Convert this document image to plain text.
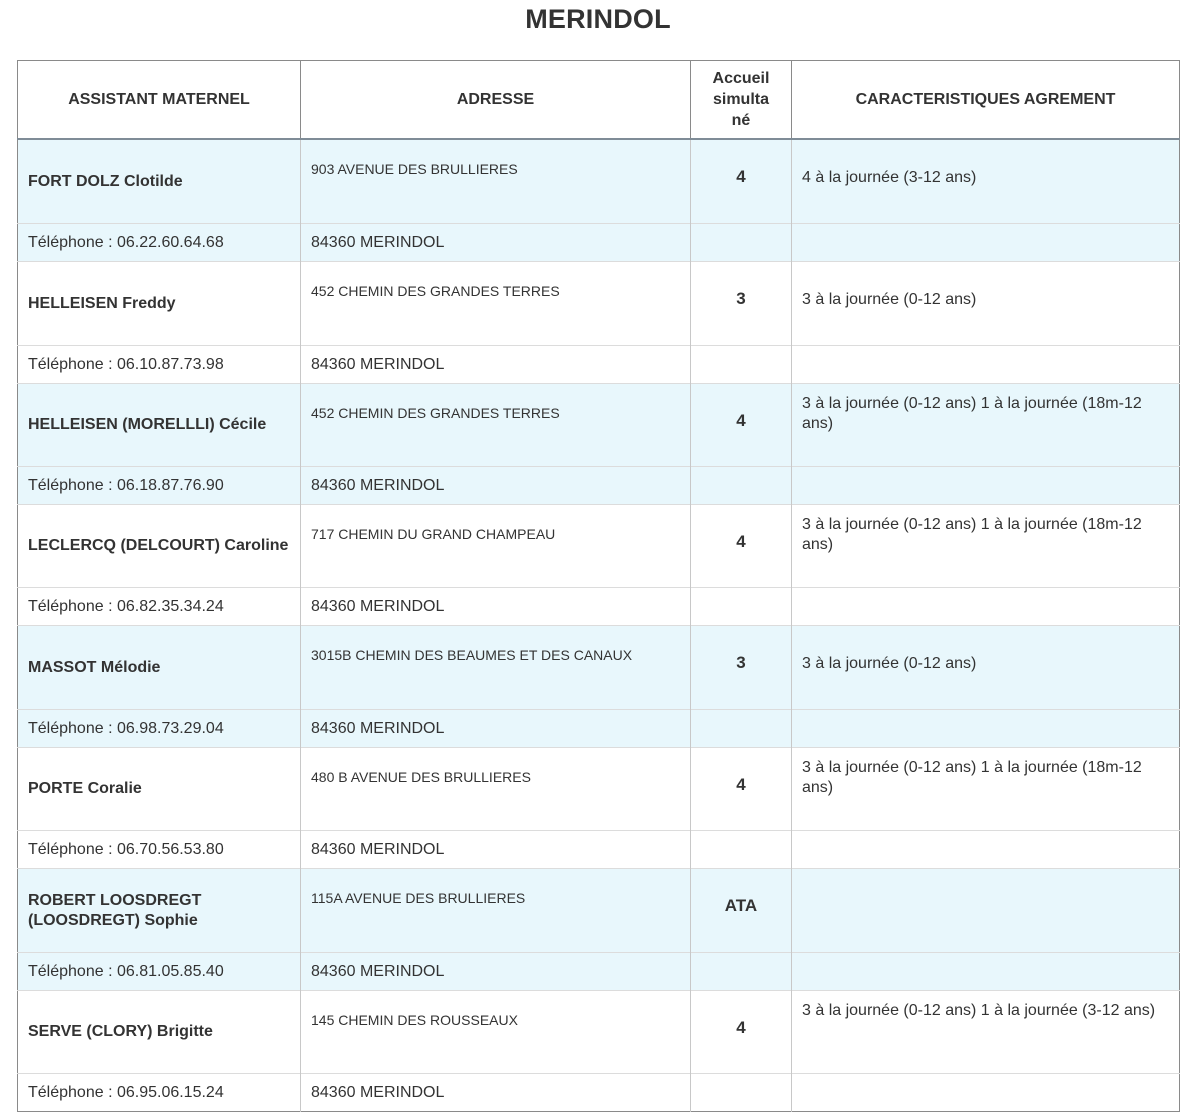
MERINDOL
ASSISTANT MATERNEL	ADRESSE	Accueil simultané	CARACTERISTIQUES AGREMENT
FORT DOLZ Clotilde	903 AVENUE DES BRULLIERES	4	4 à la journée (3-12 ans)
Téléphone : 06.22.60.64.68	84360 MERINDOL		
HELLEISEN Freddy	452 CHEMIN DES GRANDES TERRES	3	3 à la journée (0-12 ans)
Téléphone : 06.10.87.73.98	84360 MERINDOL		
HELLEISEN (MORELLLI) Cécile	452 CHEMIN DES GRANDES TERRES	4	3 à la journée (0-12 ans) 1 à la journée (18m-12 ans)
Téléphone : 06.18.87.76.90	84360 MERINDOL		
LECLERCQ (DELCOURT) Caroline	717 CHEMIN DU GRAND CHAMPEAU	4	3 à la journée (0-12 ans) 1 à la journée (18m-12 ans)
Téléphone : 06.82.35.34.24	84360 MERINDOL		
MASSOT Mélodie	3015B CHEMIN DES BEAUMES ET DES CANAUX	3	3 à la journée (0-12 ans)
Téléphone : 06.98.73.29.04	84360 MERINDOL		
PORTE Coralie	480 B AVENUE DES BRULLIERES	4	3 à la journée (0-12 ans) 1 à la journée (18m-12 ans)
Téléphone : 06.70.56.53.80	84360 MERINDOL		
ROBERT LOOSDREGT (LOOSDREGT) Sophie	115A AVENUE DES BRULLIERES	ATA	
Téléphone : 06.81.05.85.40	84360 MERINDOL		
SERVE (CLORY) Brigitte	145 CHEMIN DES ROUSSEAUX	4	3 à la journée (0-12 ans) 1 à la journée (3-12 ans)
Téléphone : 06.95.06.15.24	84360 MERINDOL		
